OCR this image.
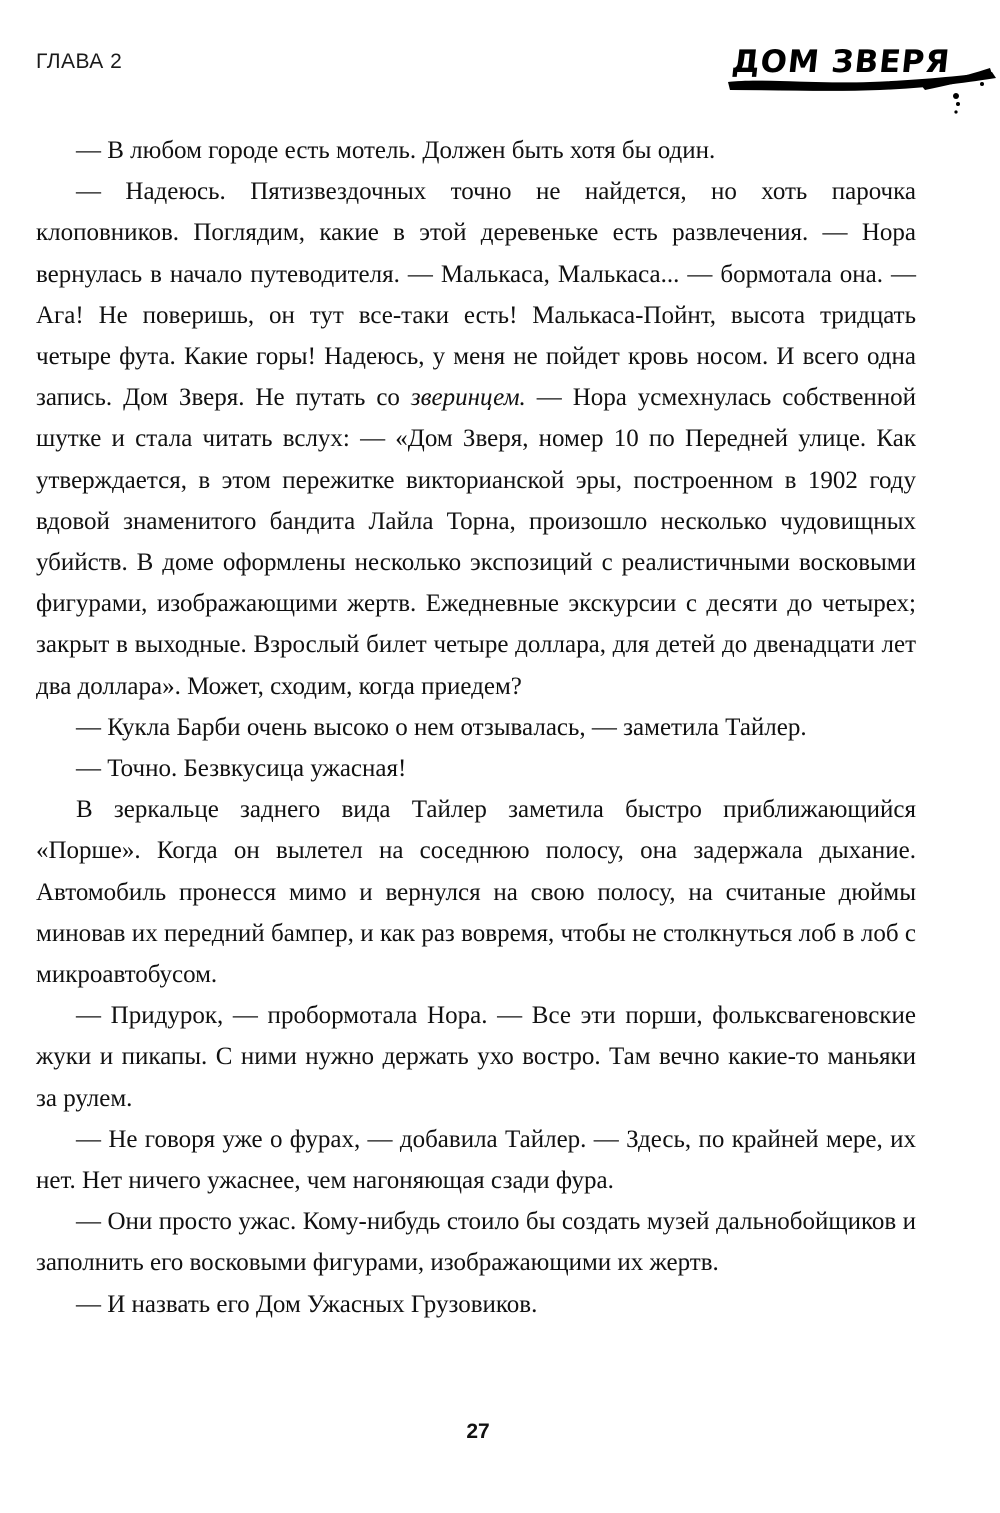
ГЛАВА 2	ДОМ ЗВЕРЯ

— В любом городе есть мотель. Должен быть хотя бы один.

— Надеюсь. Пятизвездочных точно не найдется, но хоть парочка клоповников. Поглядим, какие в этой деревеньке есть развлечения. — Нора вернулась в начало путеводителя. — Малькаса, Малькаса... — бормотала она. — Ага! Не поверишь, он тут все-таки есть! Малькаса-Пойнт, высота тридцать четыре фута. Какие горы! Надеюсь, у меня не пойдет кровь носом. И всего одна запись. Дом Зверя. Не путать со зверинцем. — Нора усмехнулась собственной шутке и стала читать вслух: — «Дом Зверя, номер 10 по Передней улице. Как утверждается, в этом пережитке викторианской эры, построенном в 1902 году вдовой знаменитого бандита Лайла Торна, произошло несколько чудовищных убийств. В доме оформлены несколько экспозиций с реалистичными восковыми фигурами, изображающими жертв. Ежедневные экскурсии с десяти до четырех; закрыт в выходные. Взрослый билет четыре доллара, для детей до двенадцати лет два доллара». Может, сходим, когда приедем?

— Кукла Барби очень высоко о нем отзывалась, — заметила Тайлер.

— Точно. Безвкусица ужасная!

В зеркальце заднего вида Тайлер заметила быстро приближающийся «Порше». Когда он вылетел на соседнюю полосу, она задержала дыхание. Автомобиль пронесся мимо и вернулся на свою полосу, на считаные дюймы миновав их передний бампер, и как раз вовремя, чтобы не столкнуться лоб в лоб с микроавтобусом.

— Придурок, — пробормотала Нора. — Все эти порши, фольксвагеновские жуки и пикапы. С ними нужно держать ухо востро. Там вечно какие-то маньяки за рулем.

— Не говоря уже о фурах, — добавила Тайлер. — Здесь, по крайней мере, их нет. Нет ничего ужаснее, чем нагоняющая сзади фура.

— Они просто ужас. Кому-нибудь стоило бы создать музей дальнобойщиков и заполнить его восковыми фигурами, изображающими их жертв.

— И назвать его Дом Ужасных Грузовиков.

27
